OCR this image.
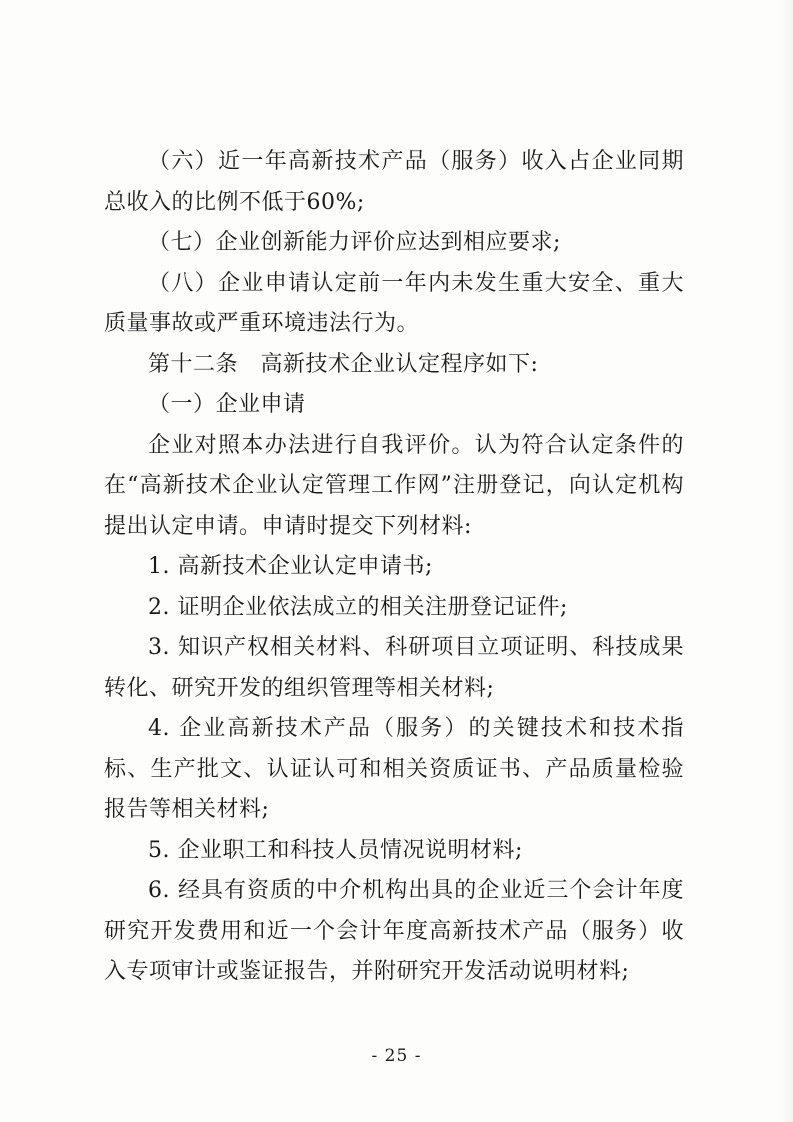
（六）近一年高新技术产品（服务）收入占企业同期总收入的比例不低于60%;

（七）企业创新能力评价应达到相应要求;

（八）企业申请认定前一年内未发生重大安全、重大质量事故或严重环境违法行为。

第十二条　高新技术企业认定程序如下:

（一）企业申请

企业对照本办法进行自我评价。认为符合认定条件的在“高新技术企业认定管理工作网”注册登记，向认定机构提出认定申请。申请时提交下列材料:

1. 高新技术企业认定申请书;

2. 证明企业依法成立的相关注册登记证件;

3. 知识产权相关材料、科研项目立项证明、科技成果转化、研究开发的组织管理等相关材料;

4. 企业高新技术产品（服务）的关键技术和技术指标、生产批文、认证认可和相关资质证书、产品质量检验报告等相关材料;

5. 企业职工和科技人员情况说明材料;

6. 经具有资质的中介机构出具的企业近三个会计年度研究开发费用和近一个会计年度高新技术产品（服务）收入专项审计或鉴证报告，并附研究开发活动说明材料;

- 25 -
